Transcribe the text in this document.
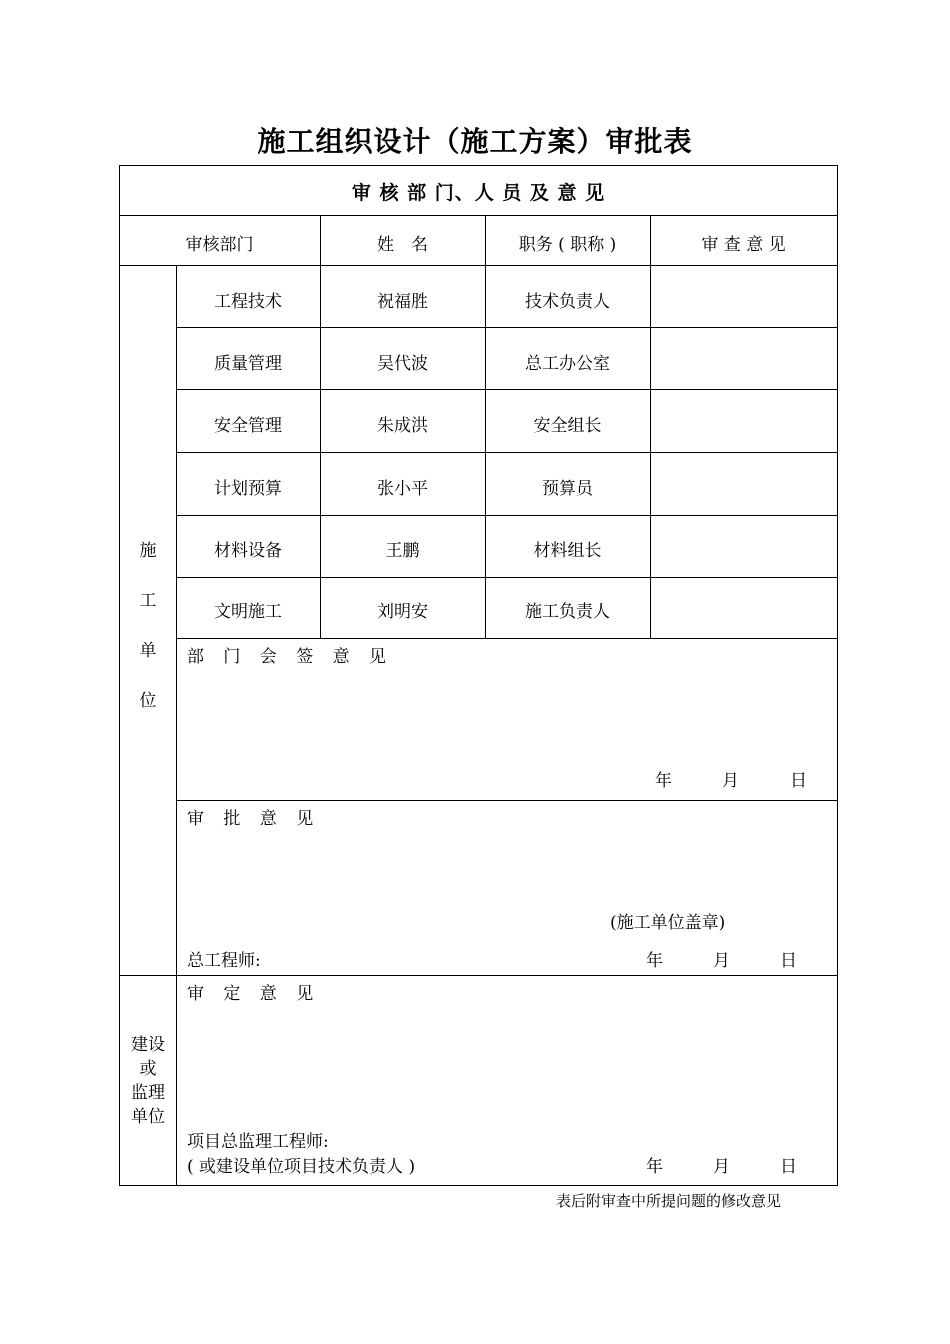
施工组织设计（施工方案）审批表
审 核 部 门、人 员 及 意 见
审核部门	姓　名	职务 ( 职称 )	审 查 意 见
施
工
单
位
工程技术	祝福胜	技术负责人
质量管理	吴代波	总工办公室
安全管理	朱成洪	安全组长
计划预算	张小平	预算员
材料设备	王鹏	材料组长
文明施工	刘明安	施工负责人
部 门 会 签 意 见
年	月	日
审 批 意 见
(施工单位盖章)
总工程师:	年	月	日
建设
或
监理
单位
审 定 意 见
项目总监理工程师:
( 或建设单位项目技术负责人 )	年	月	日
表后附审查中所提问题的修改意见
